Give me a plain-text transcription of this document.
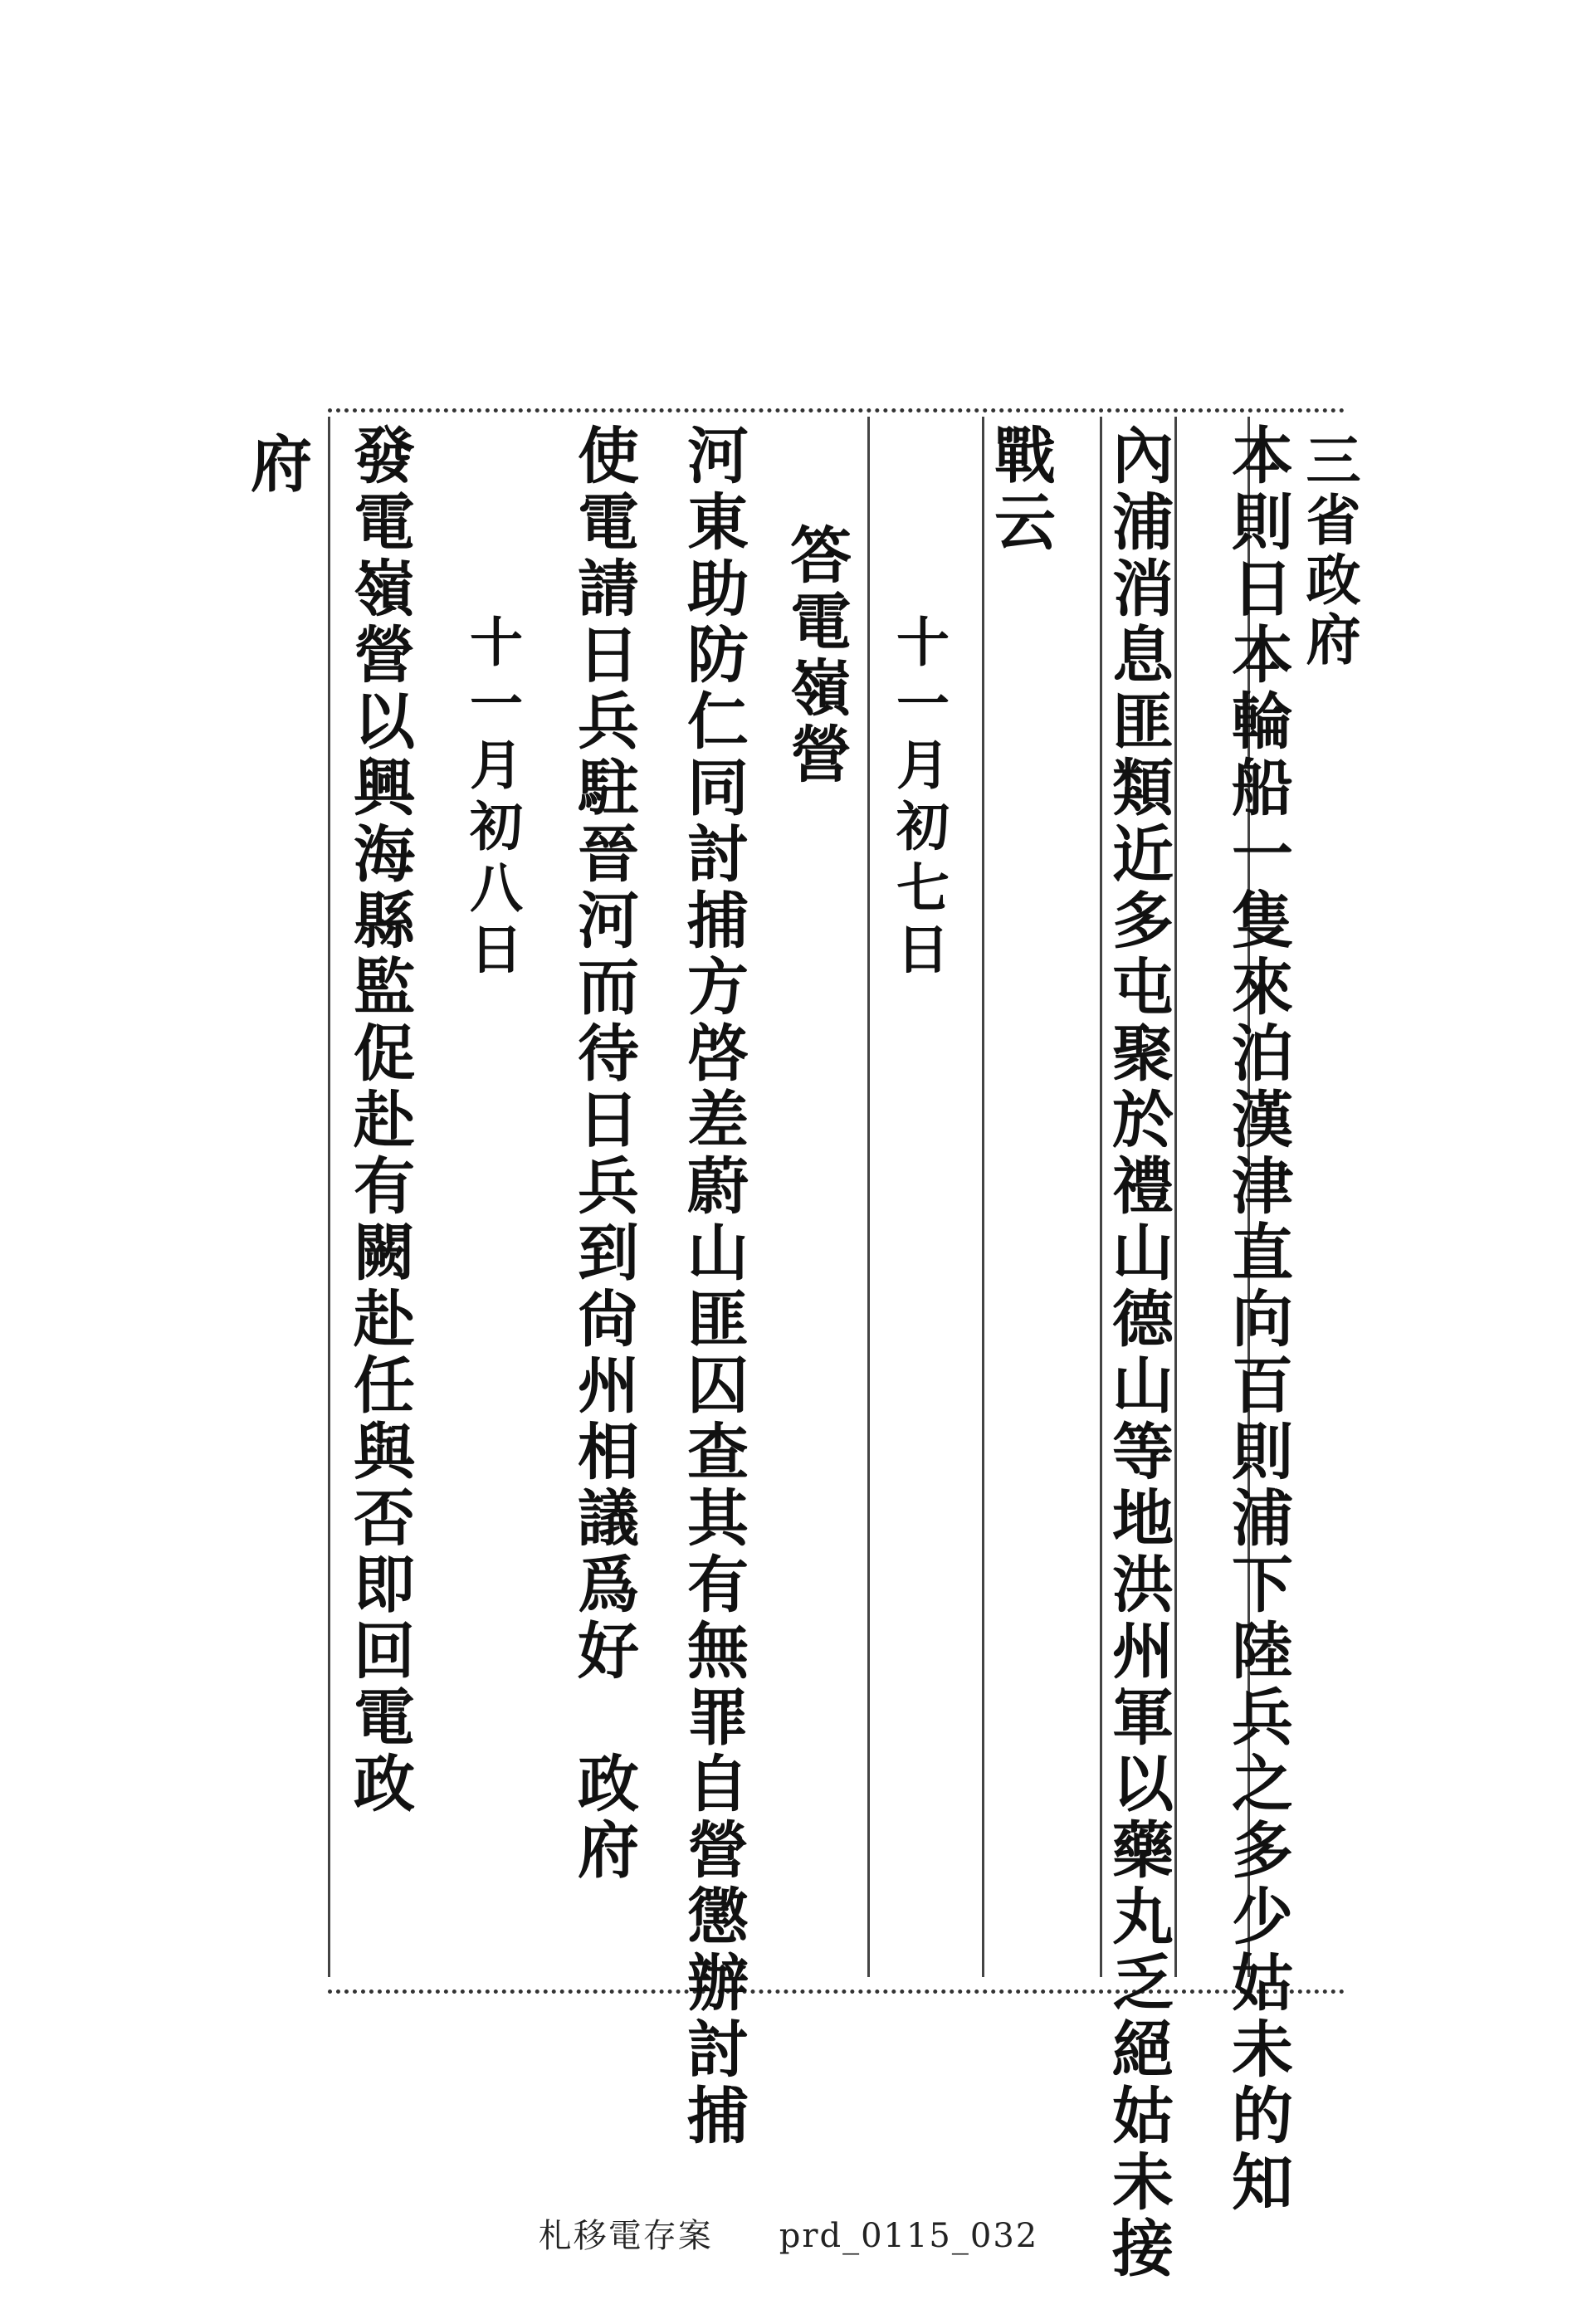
三省政府
本則日本輪船一隻來泊漢津直向百則浦下陸兵之多少姑未的知
內浦消息匪類近多屯聚於禮山德山等地洪州軍以藥丸乏絕姑未接
戰云
十一月初七日
答電嶺營
河東助防仁同討捕方啓差蔚山匪囚查其有無罪自營懲辦討捕
使電請日兵駐晉河而待日兵到尙州相議爲好　政府
十一月初八日
發電嶺營以興海縣監促赴有闕赴任與否即回電政
府
札移電存案 prd_0115_032
